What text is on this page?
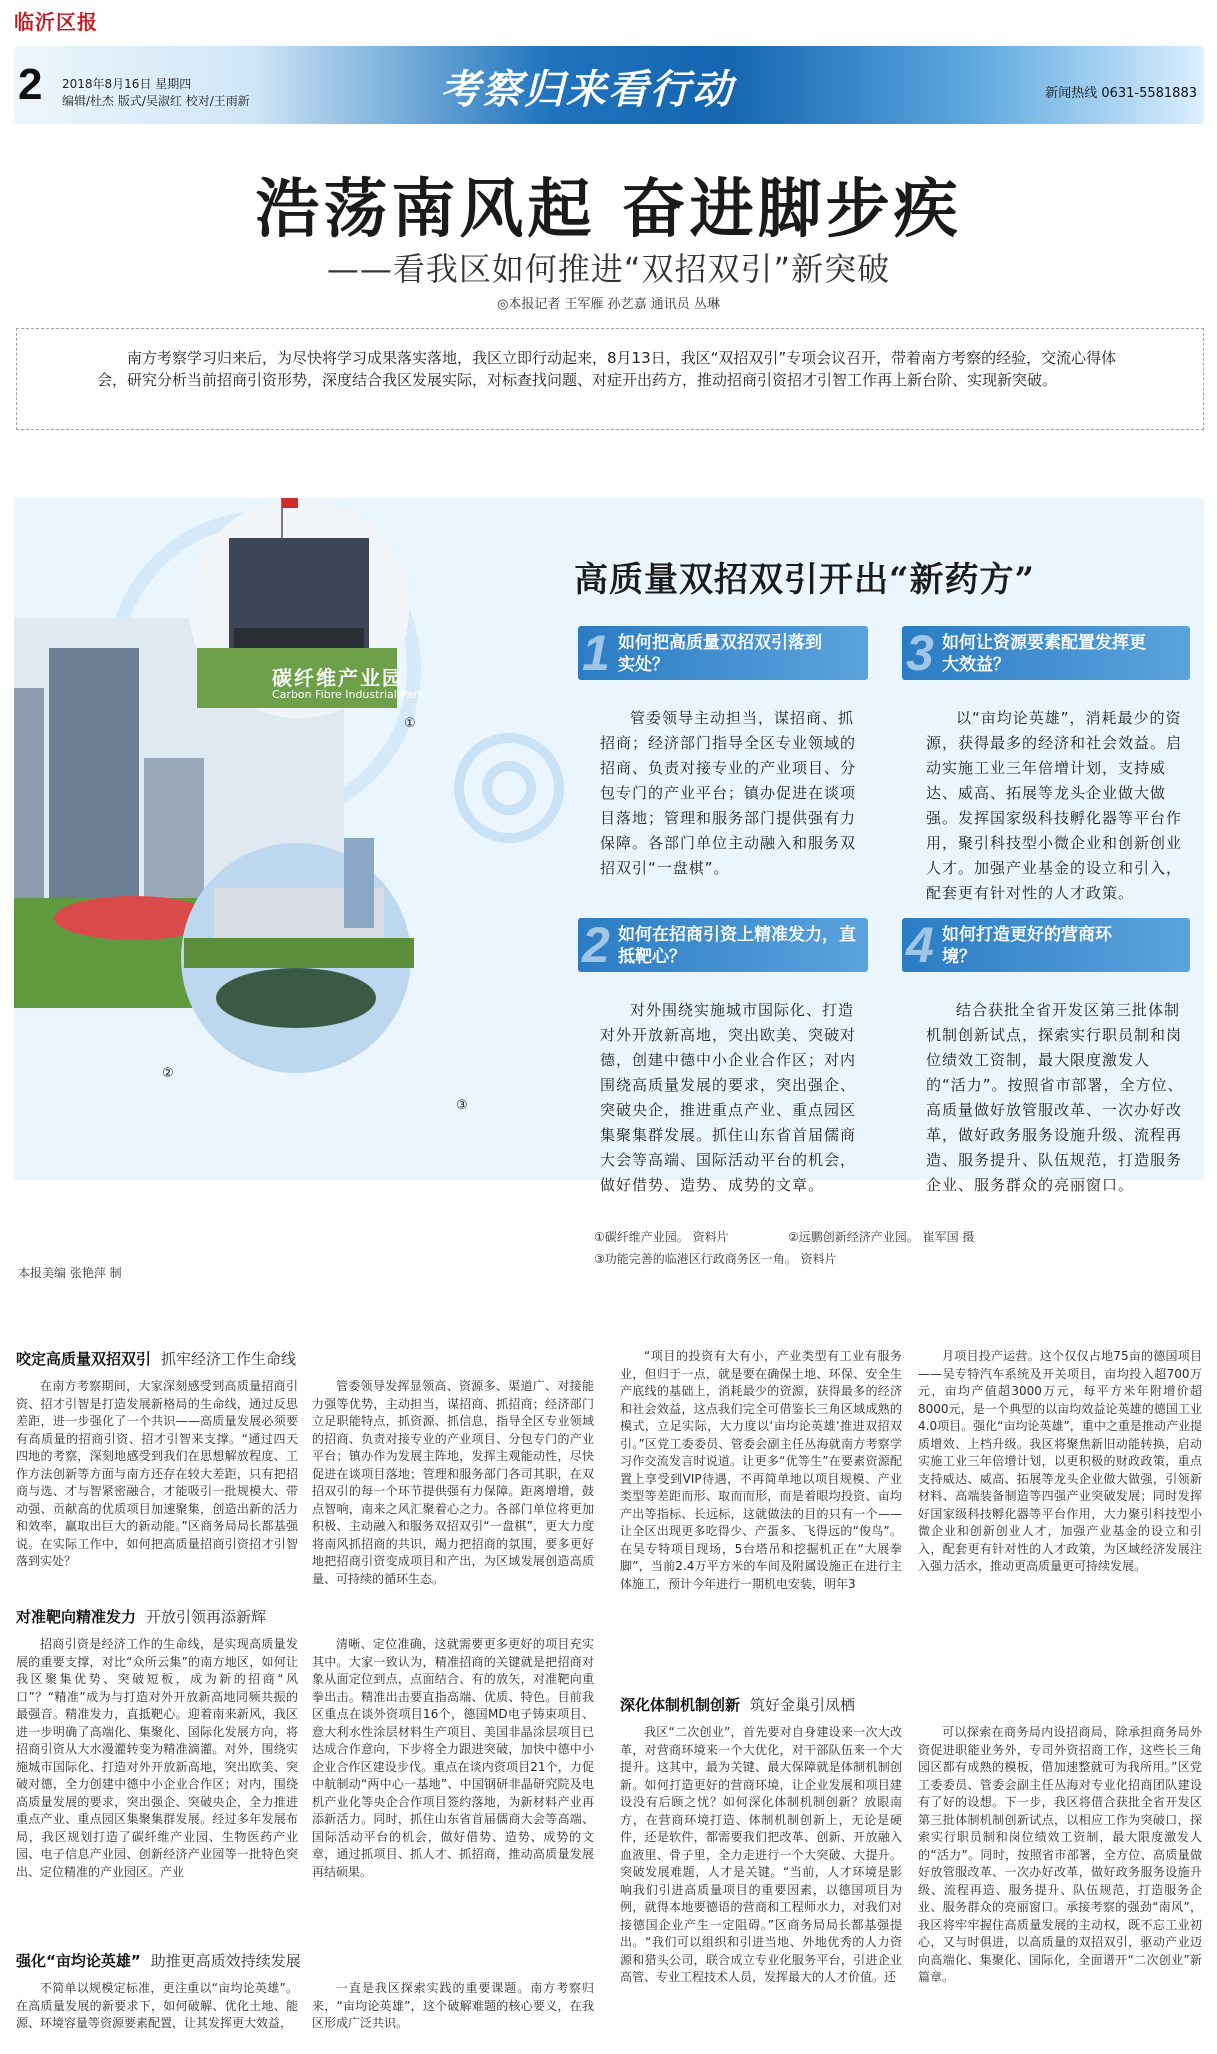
临沂区报
2 2018年8月16日 星期四
编辑/杜杰 版式/吴淑红 校对/王雨新	考察归来看行动	新闻热线 0631-5581883
浩荡南风起 奋进脚步疾
——看我区如何推进“双招双引”新突破
◎本报记者 王军雁 孙艺嘉 通讯员 丛琳
南方考察学习归来后，为尽快将学习成果落实落地，我区立即行动起来，8月13日，我区“双招双引”专项会议召开，带着南方考察的经验，交流心得体会，研究分析当前招商引资形势，深度结合我区发展实际，对标查找问题、对症开出药方，推动招商引资招才引智工作再上新台阶、实现新突破。
碳纤维产业园
Carbon Fibre Industrial Park
①
②
③
高质量双招双引开出“新药方”
1 如何把高质量双招双引落到实处？
管委领导主动担当，谋招商、抓招商；经济部门指导全区专业领域的招商、负责对接专业的产业项目、分包专门的产业平台；镇办促进在谈项目落地；管理和服务部门提供强有力保障。各部门单位主动融入和服务双招双引“一盘棋”。
3 如何让资源要素配置发挥更大效益？
以“亩均论英雄”，消耗最少的资源，获得最多的经济和社会效益。启动实施工业三年倍增计划，支持威达、威高、拓展等龙头企业做大做强。发挥国家级科技孵化器等平台作用，聚引科技型小微企业和创新创业人才。加强产业基金的设立和引入，配套更有针对性的人才政策。
2 如何在招商引资上精准发力，直抵靶心？
对外围绕实施城市国际化、打造对外开放新高地，突出欧美、突破对德，创建中德中小企业合作区；对内围绕高质量发展的要求，突出强企、突破央企，推进重点产业、重点园区集聚集群发展。抓住山东省首届儒商大会等高端、国际活动平台的机会，做好借势、造势、成势的文章。
4 如何打造更好的营商环境？
结合获批全省开发区第三批体制机制创新试点，探索实行职员制和岗位绩效工资制，最大限度激发人的“活力”。按照省市部署，全方位、高质量做好放管服改革、一次办好改革，做好政务服务设施升级、流程再造、服务提升、队伍规范，打造服务企业、服务群众的亮丽窗口。
①碳纤维产业园。 资料片	②远鹏创新经济产业园。 崔军国 摄
③功能完善的临港区行政商务区一角。 资料片
本报美编 张艳萍 制
咬定高质量双招双引 抓牢经济工作生命线
在南方考察期间，大家深刻感受到高质量招商引资、招才引智是打造发展新格局的生命线，通过反思差距，进一步强化了一个共识——高质量发展必须要有高质量的招商引资、招才引智来支撑。“通过四天四地的考察，深刻地感受到我们在思想解放程度、工作方法创新等方面与南方还存在较大差距，只有把招商与选、才与智紧密融合，才能吸引一批规模大、带动强、贡献高的优质项目加速聚集，创造出新的活力和效率，赢取出巨大的新动能。”区商务局局长都基强说。在实际工作中，如何把高质量招商引资招才引智落到实处？
管委领导发挥显领高、资源多、渠道广、对接能力强等优势，主动担当，谋招商、抓招商；经济部门立足职能特点，抓资源、抓信息，指导全区专业领域的招商、负责对接专业的产业项目、分包专门的产业平台；镇办作为发展主阵地，发挥主观能动性，尽快促进在谈项目落地；管理和服务部门各司其职，在双招双引的每一个环节提供强有力保障。距离增增，鼓点智响，南来之风汇聚着心之力。各部门单位将更加积极、主动融入和服务双招双引“一盘棋”，更大力度将南风抓招商的共识，竭力把招商的氛围，要多更好地把招商引资变成项目和产出，为区域发展创造高质量、可持续的循环生态。
对准靶向精准发力 开放引领再添新辉
招商引资是经济工作的生命线，是实现高质量发展的重要支撑，对比“众所云集”的南方地区，如何让我区聚集优势、突破短板，成为新的招商“风口”？“精准”成为与打造对外开放新高地同频共振的最强音。精准发力，直抵靶心。迎着南来新风，我区进一步明确了高端化、集聚化、国际化发展方向，将招商引资从大水漫灌转变为精准滴灌。对外，围绕实施城市国际化、打造对外开放新高地，突出欧美、突破对德，全力创建中德中小企业合作区；对内，围绕高质量发展的要求，突出强企、突破央企，全力推进重点产业、重点园区集聚集群发展。经过多年发展布局，我区规划打造了碳纤维产业园、生物医药产业园、电子信息产业园、创新经济产业园等一批特色突出、定位精准的产业园区。产业
清晰、定位准确，这就需要更多更好的项目充实其中。大家一致认为，精准招商的关键就是把招商对象从面定位到点，点面结合、有的放矢，对准靶向重拳出击。精准出击要直指高端、优质、特色。目前我区重点在谈外资项目16个，德国MD电子铸束项目、意大利水性涂层材料生产项目、美国非晶涂层项目已达成合作意向，下步将全力跟进突破，加快中德中小企业合作区建设步伐。重点在谈内资项目21个，力促中航制动“两中心一基地”、中国钢研非晶研究院及电机产业化等央企合作项目签约落地，为新材料产业再添新活力。同时，抓住山东省首届儒商大会等高端、国际活动平台的机会，做好借势、造势、成势的文章，通过抓项目、抓人才、抓招商，推动高质量发展再结硕果。
强化“亩均论英雄” 助推更高质效持续发展
不简单以规模定标准，更注重以“亩均论英雄”。在高质量发展的新要求下，如何破解、优化土地、能源、环境容量等资源要素配置，让其发挥更大效益，
一直是我区探索实践的重要课题。南方考察归来，“亩均论英雄”，这个破解难题的核心要义，在我区形成广泛共识。
“项目的投资有大有小，产业类型有工业有服务业，但归于一点，就是要在确保土地、环保、安全生产底线的基础上，消耗最少的资源，获得最多的经济和社会效益，这点我们完全可借鉴长三角区域成熟的模式，立足实际，大力度以‘亩均论英雄’推进双招双引。”区党工委委员、管委会副主任丛海就南方考察学习作交流发言时说道。让更多“优等生”在要素资源配置上享受到VIP待遇，不再简单地以项目规模、产业类型等差距而形、取而而形，而是着眼均投资、亩均产出等指标、长远标，这就做法的目的只有一个——让全区出现更多吃得少、产蛋多、飞得远的“俊鸟”。在吴专特项目现场，5台塔吊和挖掘机正在“大展拳脚”，当前2.4万平方米的车间及附属设施正在进行主体施工，预计今年进行一期机电安装，明年3
月项目投产运营。这个仅仅占地75亩的德国项目——吴专特汽车系统及开关项目，亩均投入超700万元，亩均产值超3000万元，每平方米年附增价超8000元，是一个典型的以亩均效益论英雄的德国工业4.0项目。强化“亩均论英雄”，重中之重是推动产业提质增效、上档升级。我区将聚焦新旧动能转换，启动实施工业三年倍增计划，以更积极的财政政策，重点支持威达、威高、拓展等龙头企业做大做强，引领新材料、高端装备制造等四强产业突破发展；同时发挥好国家级科技孵化器等平台作用，大力聚引科技型小微企业和创新创业人才，加强产业基金的设立和引入，配套更有针对性的人才政策，为区域经济发展注入强力活水，推动更高质量更可持续发展。
深化体制机制创新 筑好金巢引凤栖
我区“二次创业”，首先要对自身建设来一次大改革，对营商环境来一个大优化，对干部队伍来一个大提升。这其中，最为关键、最大保障就是体制机制创新。如何打造更好的营商环境，让企业发展和项目建设没有后顾之忧？如何深化体制机制创新？放眼南方，在营商环境打造、体制机制创新上，无论是硬件，还是软件，都需要我们把改革、创新、开放融入血液里、骨子里，全力走进行一个大突破、大提升。突破发展难题，人才是关键。“当前，人才环境是影响我们引进高质量项目的重要因素，以德国项目为例，就得本地要德语的营商和工程师水力，对我们对接德国企业产生一定阻碍。”区商务局局长都基强提出。“我们可以组织和引进当地、外地优秀的人力资源和猎头公司，联合成立专业化服务平台，引进企业高管、专业工程技术人员，发挥最大的人才价值。还
可以探索在商务局内设招商局，除承担商务局外资促进职能业务外，专司外资招商工作，这些长三角园区都有成熟的模板，借加速整就可为我所用。”区党工委委员、管委会副主任丛海对专业化招商团队建设有了好的设想。下一步，我区将借合获批全省开发区第三批体制机制创新试点，以相应工作为突破口，探索实行职员制和岗位绩效工资制，最大限度激发人的“活力”。同时，按照省市部署，全方位、高质量做好放管服改革、一次办好改革，做好政务服务设施升级、流程再造、服务提升、队伍规范，打造服务企业、服务群众的亮丽窗口。承接考察的强劲“南风”，我区将牢牢握住高质量发展的主动权，既不忘工业初心，又与时俱进，以高质量的双招双引，驱动产业迈向高端化、集聚化、国际化，全面谱开“二次创业”新篇章。
